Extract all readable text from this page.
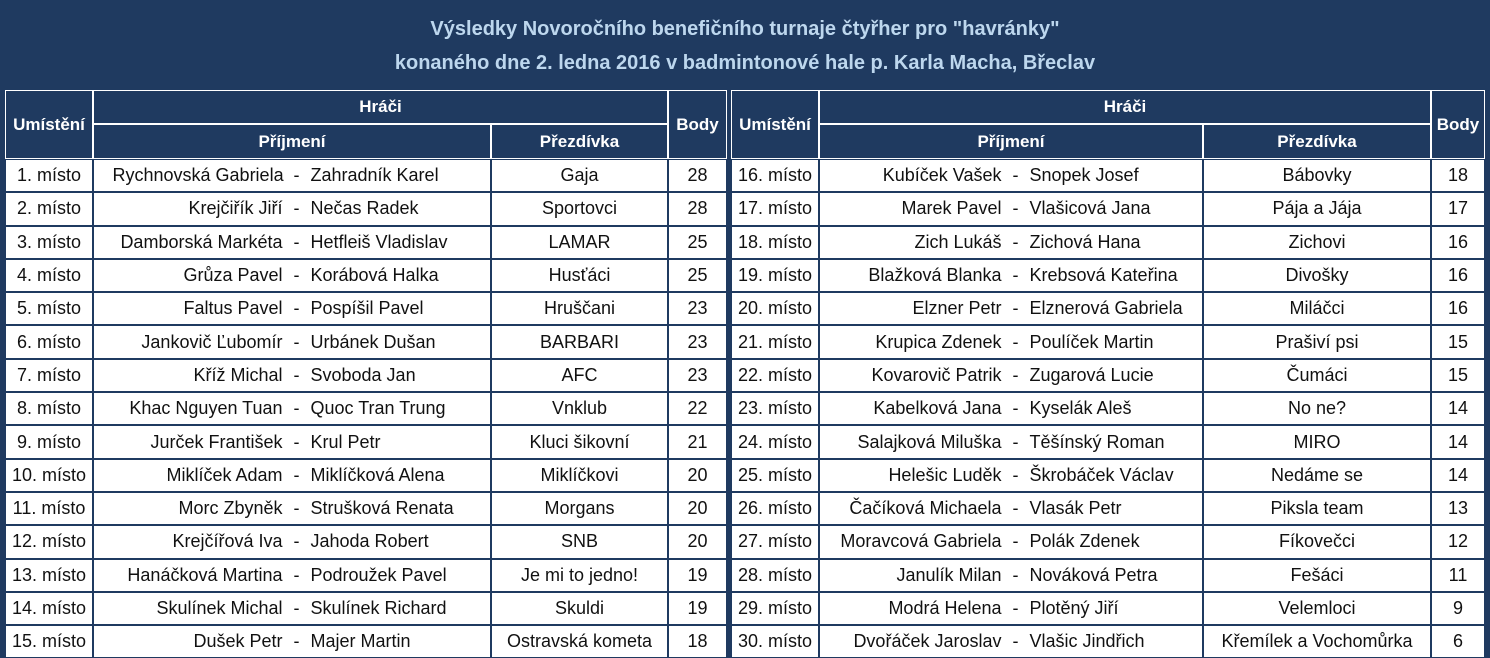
Výsledky Novoročního benefičního turnaje čtyřher pro "havránky"
konaného dne 2. ledna 2016 v badmintonové hale p. Karla Macha, Břeclav
Umístění	Hráči		Body
	Příjmení	Přezdívka	
1. místo	Rychnovská Gabriela - Zahradník Karel	Gaja	28
2. místo	Krejčiřík Jiří - Nečas Radek	Sportovci	28
3. místo	Damborská Markéta - Hetfleiš Vladislav	LAMAR	25
4. místo	Grůza Pavel - Korábová Halka	Husťáci	25
5. místo	Faltus Pavel - Pospíšil Pavel	Hruščani	23
6. místo	Jankovič Ľubomír - Urbánek Dušan	BARBARI	23
7. místo	Kříž Michal - Svoboda Jan	AFC	23
8. místo	Khac Nguyen Tuan - Quoc Tran Trung	Vnklub	22
9. místo	Jurček František - Krul Petr	Kluci šikovní	21
10. místo	Miklíček Adam - Miklíčková Alena	Miklíčkovi	20
11. místo	Morc Zbyněk - Strušková Renata	Morgans	20
12. místo	Krejčířová Iva - Jahoda Robert	SNB	20
13. místo	Hanáčková Martina - Podroužek Pavel	Je mi to jedno!	19
14. místo	Skulínek Michal - Skulínek Richard	Skuldi	19
15. místo	Dušek Petr - Majer Martin	Ostravská kometa	18
Umístění	Hráči		Body
	Příjmení	Přezdívka	
16. místo	Kubíček Vašek - Snopek Josef	Bábovky	18
17. místo	Marek Pavel - Vlašicová Jana	Pája a Jája	17
18. místo	Zich Lukáš - Zichová Hana	Zichovi	16
19. místo	Blažková Blanka - Krebsová Kateřina	Divošky	16
20. místo	Elzner Petr - Elznerová Gabriela	Miláčci	16
21. místo	Krupica Zdenek - Poulíček Martin	Prašiví psi	15
22. místo	Kovarovič Patrik - Zugarová Lucie	Čumáci	15
23. místo	Kabelková Jana - Kyselák Aleš	No ne?	14
24. místo	Salajková Miluška - Těšínský Roman	MIRO	14
25. místo	Helešic Luděk - Škrobáček Václav	Nedáme se	14
26. místo	Čačíková Michaela - Vlasák Petr	Piksla team	13
27. místo	Moravcová Gabriela - Polák Zdenek	Fíkovečci	12
28. místo	Janulík Milan - Nováková Petra	Fešáci	11
29. místo	Modrá Helena - Plotěný Jiří	Velemloci	9
30. místo	Dvořáček Jaroslav - Vlašic Jindřich	Křemílek a Vochomůrka	6
